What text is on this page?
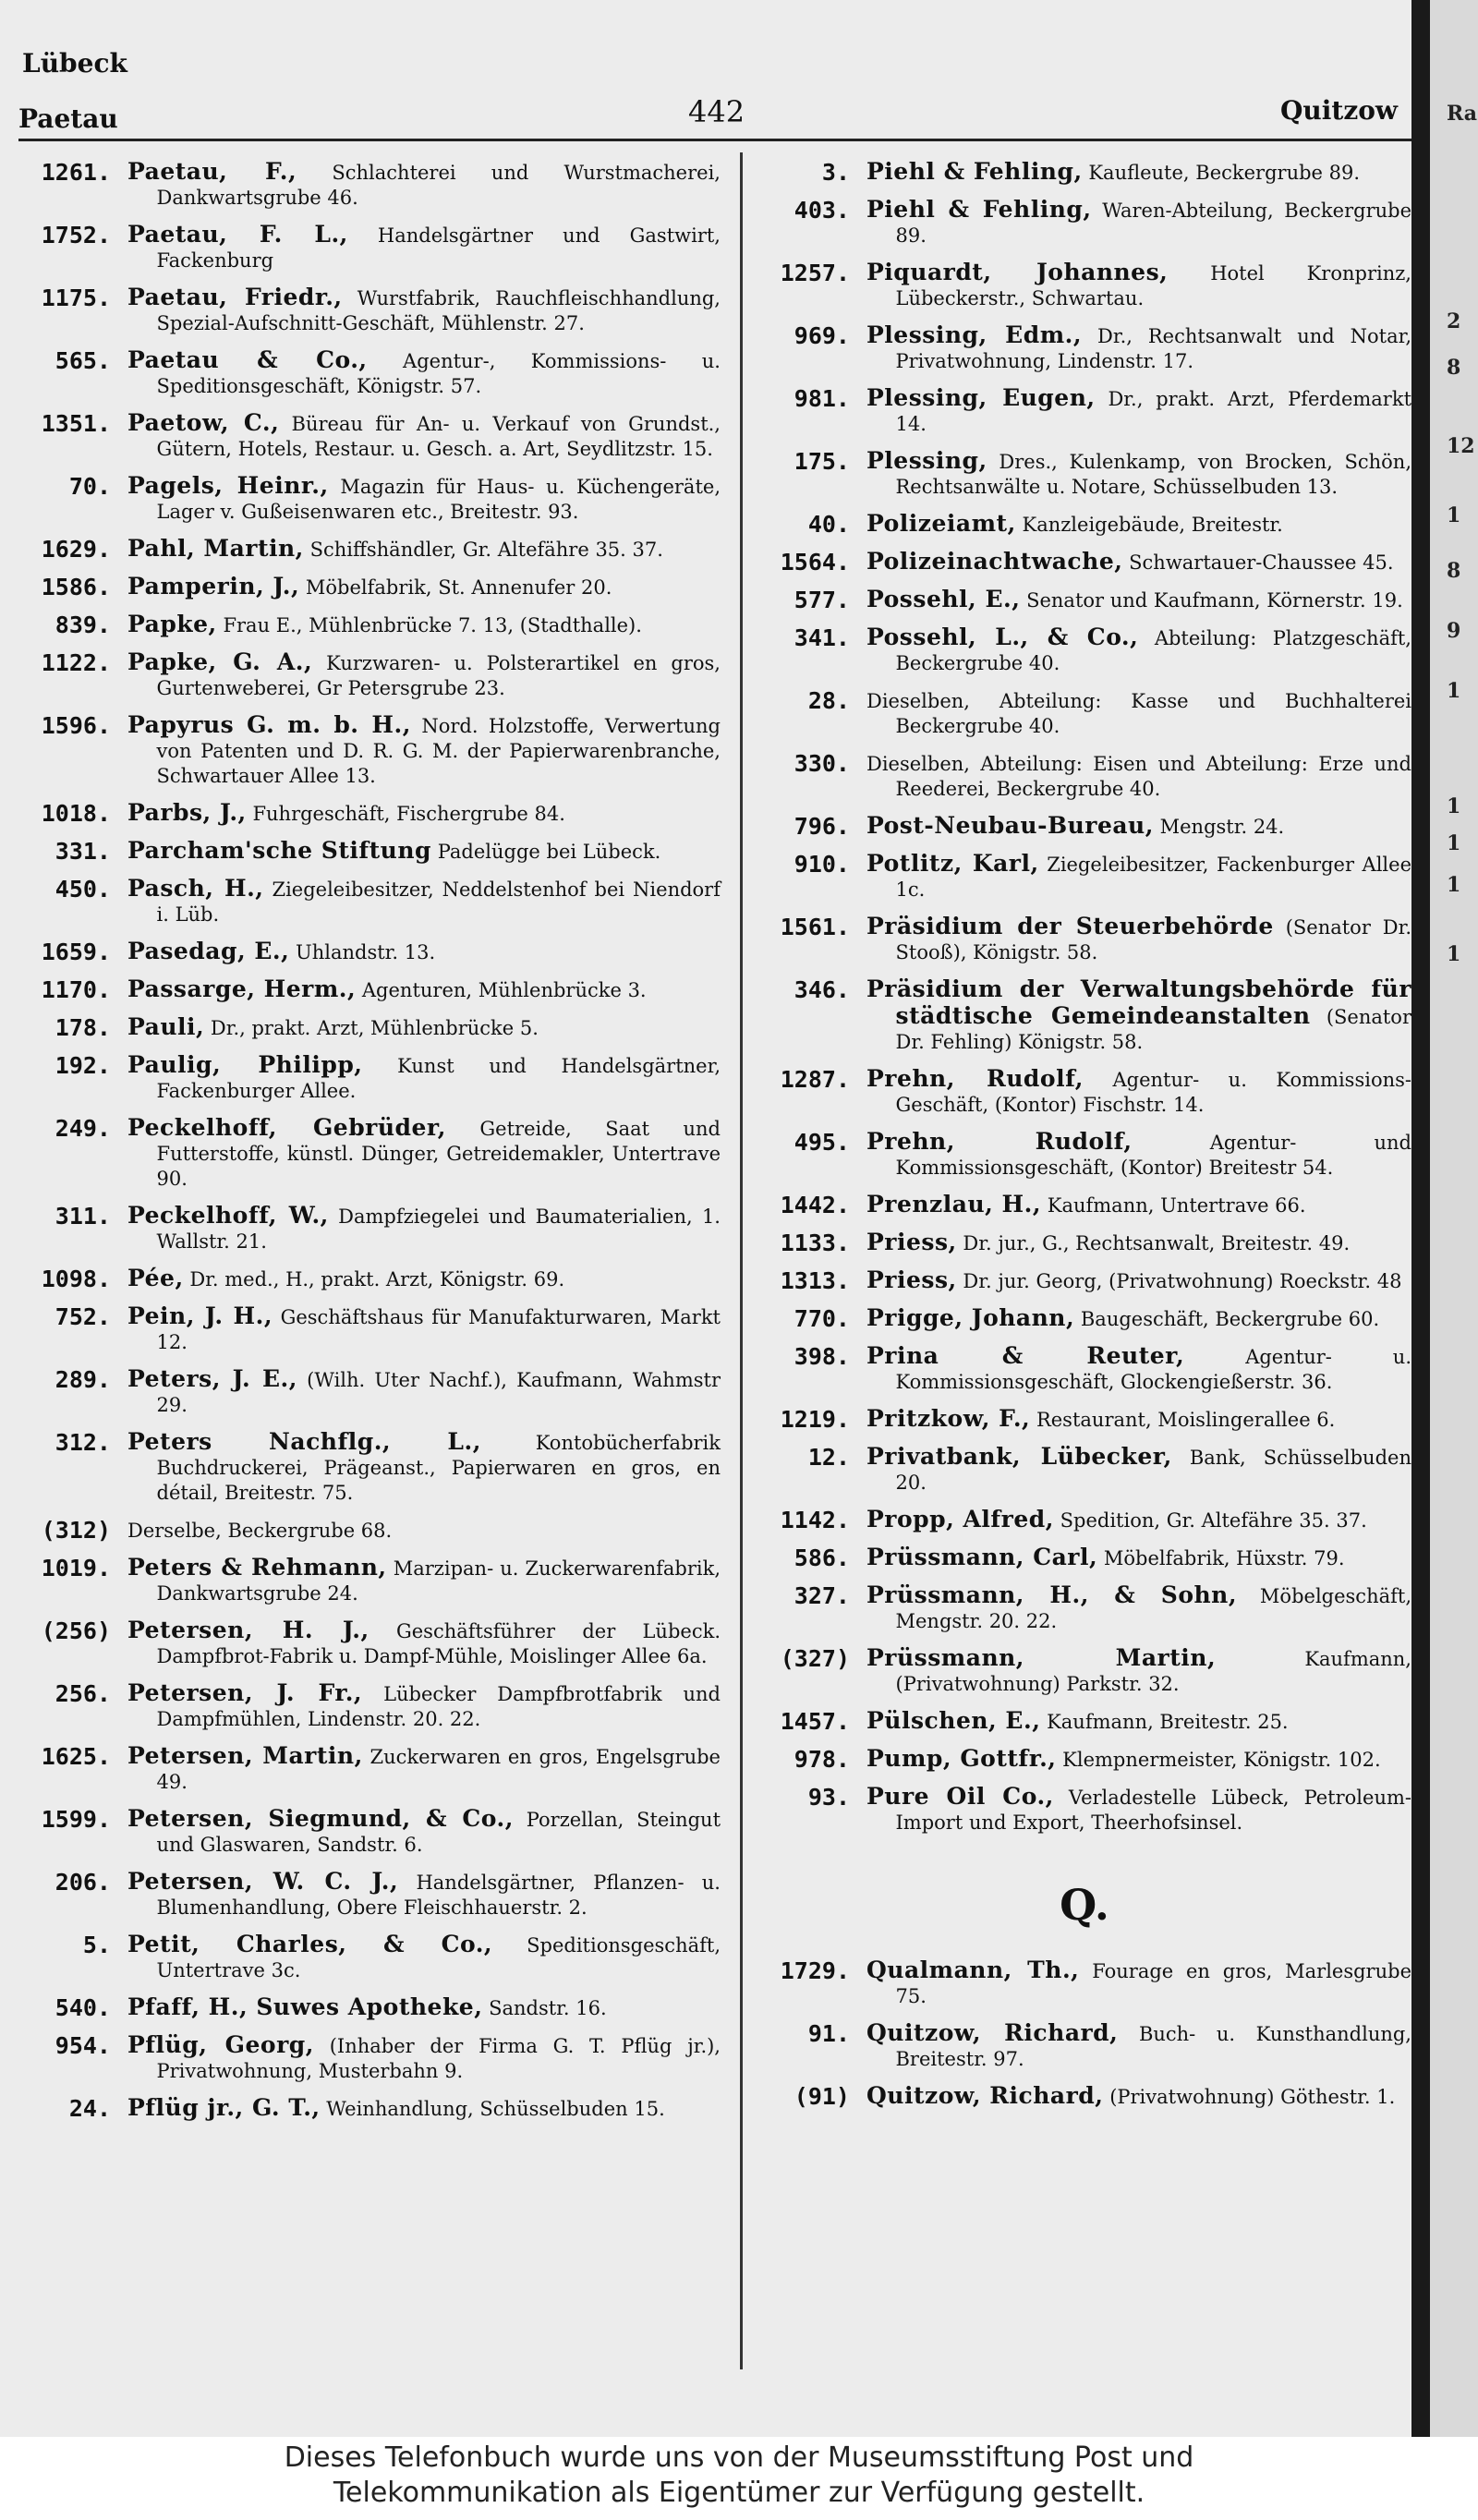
Lübeck
Paetau	442	Quitzow
1261. Paetau, F., Schlachterei und Wurstmacherei, Dankwartsgrube 46.
1752. Paetau, F. L., Handelsgärtner und Gastwirt, Fackenburg
1175. Paetau, Friedr., Wurstfabrik, Rauchfleischhandlung, Spezial-Aufschnitt-Geschäft, Mühlenstr. 27.
565. Paetau & Co., Agentur-, Kommissions- u. Speditionsgeschäft, Königstr. 57.
1351. Paetow, C., Büreau für An- u. Verkauf von Grundst., Gütern, Hotels, Restaur. u. Gesch. a. Art, Seydlitzstr. 15.
70. Pagels, Heinr., Magazin für Haus- u. Küchengeräte, Lager v. Gußeisenwaren etc., Breitestr. 93.
1629. Pahl, Martin, Schiffshändler, Gr. Altefähre 35. 37.
1586. Pamperin, J., Möbelfabrik, St. Annenufer 20.
839. Papke, Frau E., Mühlenbrücke 7. 13, (Stadthalle).
1122. Papke, G. A., Kurzwaren- u. Polsterartikel en gros, Gurtenweberei, Gr Petersgrube 23.
1596. Papyrus G. m. b. H., Nord. Holzstoffe, Verwertung von Patenten und D. R. G. M. der Papierwarenbranche, Schwartauer Allee 13.
1018. Parbs, J., Fuhrgeschäft, Fischergrube 84.
331. Parcham'sche Stiftung Padelügge bei Lübeck.
450. Pasch, H., Ziegeleibesitzer, Neddelstenhof bei Niendorf i. Lüb.
1659. Pasedag, E., Uhlandstr. 13.
1170. Passarge, Herm., Agenturen, Mühlenbrücke 3.
178. Pauli, Dr., prakt. Arzt, Mühlenbrücke 5.
192. Paulig, Philipp, Kunst und Handelsgärtner, Fackenburger Allee.
249. Peckelhoff, Gebrüder, Getreide, Saat und Futterstoffe, künstl. Dünger, Getreidemakler, Untertrave 90.
311. Peckelhoff, W., Dampfziegelei und Baumaterialien, 1. Wallstr. 21.
1098. Pée, Dr. med., H., prakt. Arzt, Königstr. 69.
752. Pein, J. H., Geschäftshaus für Manufakturwaren, Markt 12.
289. Peters, J. E., (Wilh. Uter Nachf.), Kaufmann, Wahmstr 29.
312. Peters Nachflg., L.,	Kontobücherfabrik Buchdruckerei, Prägeanst., Papierwaren en gros, en détail, Breitestr. 75.
(312) Derselbe, Beckergrube 68.
1019. Peters & Rehmann, Marzipan- u. Zuckerwarenfabrik, Dankwartsgrube 24.
(256) Petersen, H. J., Geschäftsführer der Lübeck. Dampfbrot-Fabrik u. Dampf-Mühle, Moislinger Allee 6a.
256. Petersen, J. Fr., Lübecker Dampfbrotfabrik und Dampfmühlen, Lindenstr. 20. 22.
1625. Petersen, Martin, Zuckerwaren en gros, Engelsgrube 49.
1599. Petersen, Siegmund, & Co., Porzellan, Steingut und Glaswaren, Sandstr. 6.
206. Petersen, W. C. J., Handelsgärtner, Pflanzen- u. Blumenhandlung, Obere Fleischhauerstr. 2.
5. Petit, Charles, & Co., Speditionsgeschäft, Untertrave 3c.
540. Pfaff, H., Suwes Apotheke, Sandstr. 16.
954. Pflüg, Georg, (Inhaber der Firma G. T. Pflüg jr.), Privatwohnung, Musterbahn 9.
24. Pflüg jr., G. T., Weinhandlung, Schüsselbuden 15.
3. Piehl & Fehling, Kaufleute, Beckergrube 89.
403. Piehl & Fehling, Waren-Abteilung, Beckergrube 89.
1257. Piquardt, Johannes, Hotel Kronprinz, Lübeckerstr., Schwartau.
969. Plessing, Edm., Dr., Rechtsanwalt und Notar, Privatwohnung, Lindenstr. 17.
981. Plessing, Eugen, Dr., prakt. Arzt, Pferdemarkt 14.
175. Plessing, Dres., Kulenkamp, von Brocken, Schön, Rechtsanwälte u. Notare, Schüsselbuden 13.
40. Polizeiamt, Kanzleigebäude, Breitestr.
1564. Polizeinachtwache, Schwartauer-Chaussee 45.
577. Possehl, E., Senator und Kaufmann, Körnerstr. 19.
341. Possehl, L., & Co., Abteilung: Platzgeschäft, Beckergrube 40.
28. Dieselben, Abteilung: Kasse und Buchhalterei Beckergrube 40.
330. Dieselben, Abteilung: Eisen und Abteilung: Erze und Reederei, Beckergrube 40.
796. Post-Neubau-Bureau, Mengstr. 24.
910. Potlitz, Karl, Ziegeleibesitzer, Fackenburger Allee 1c.
1561. Präsidium der Steuerbehörde (Senator Dr. Stooß), Königstr. 58.
346. Präsidium der Verwaltungsbehörde für städtische Gemeindeanstalten (Senator Dr. Fehling) Königstr. 58.
1287. Prehn, Rudolf, Agentur- u. Kommissions-Geschäft, (Kontor) Fischstr. 14.
495. Prehn, Rudolf,	Agentur- und Kommissionsgeschäft, (Kontor) Breitestr 54.
1442. Prenzlau, H., Kaufmann, Untertrave 66.
1133. Priess, Dr. jur., G., Rechtsanwalt, Breitestr. 49.
1313. Priess, Dr. jur. Georg, (Privatwohnung) Roeckstr. 48
770. Prigge, Johann, Baugeschäft, Beckergrube 60.
398. Prina & Reuter,	Agentur- u. Kommissionsgeschäft, Glockengießerstr. 36.
1219. Pritzkow, F., Restaurant, Moislingerallee 6.
12. Privatbank, Lübecker, Bank, Schüsselbuden 20.
1142. Propp, Alfred, Spedition, Gr. Altefähre 35. 37.
586. Prüssmann, Carl, Möbelfabrik, Hüxstr. 79.
327. Prüssmann, H., & Sohn, Möbelgeschäft, Mengstr. 20. 22.
(327) Prüssmann, Martin,	Kaufmann, (Privatwohnung) Parkstr. 32.
1457. Pülschen, E., Kaufmann, Breitestr. 25.
978. Pump, Gottfr., Klempnermeister, Königstr. 102.
93. Pure Oil Co., Verladestelle Lübeck, Petroleum-Import und Export, Theerhofsinsel.
Q.
1729. Qualmann, Th., Fourage en gros, Marlesgrube 75.
91. Quitzow, Richard, Buch- u. Kunsthandlung, Breitestr. 97.
(91) Quitzow, Richard, (Privatwohnung) Göthestr. 1.
Ra
2
8
12
1
8
9
1
1
1
1
1
Dieses Telefonbuch wurde uns von der Museumsstiftung Post und
Telekommunikation als Eigentümer zur Verfügung gestellt.
